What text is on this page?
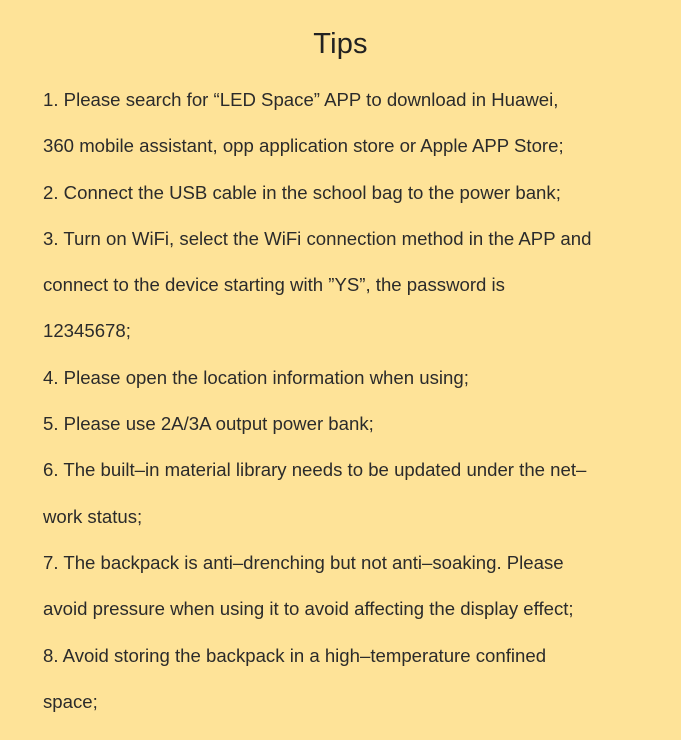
Tips
1. Please search for “LED Space” APP to download in Huawei,
360 mobile assistant, opp application store or Apple APP Store;
2. Connect the USB cable in the school bag to the power bank;
3. Turn on WiFi, select the WiFi connection method in the APP and
connect to the device starting with ”YS”, the password is
12345678;
4. Please open the location information when using;
5. Please use 2A/3A output power bank;
6. The built–in material library needs to be updated under the net–
work status;
7. The backpack is anti–drenching but not anti–soaking. Please
avoid pressure when using it to avoid affecting the display effect;
8. Avoid storing the backpack in a high–temperature confined
space;
